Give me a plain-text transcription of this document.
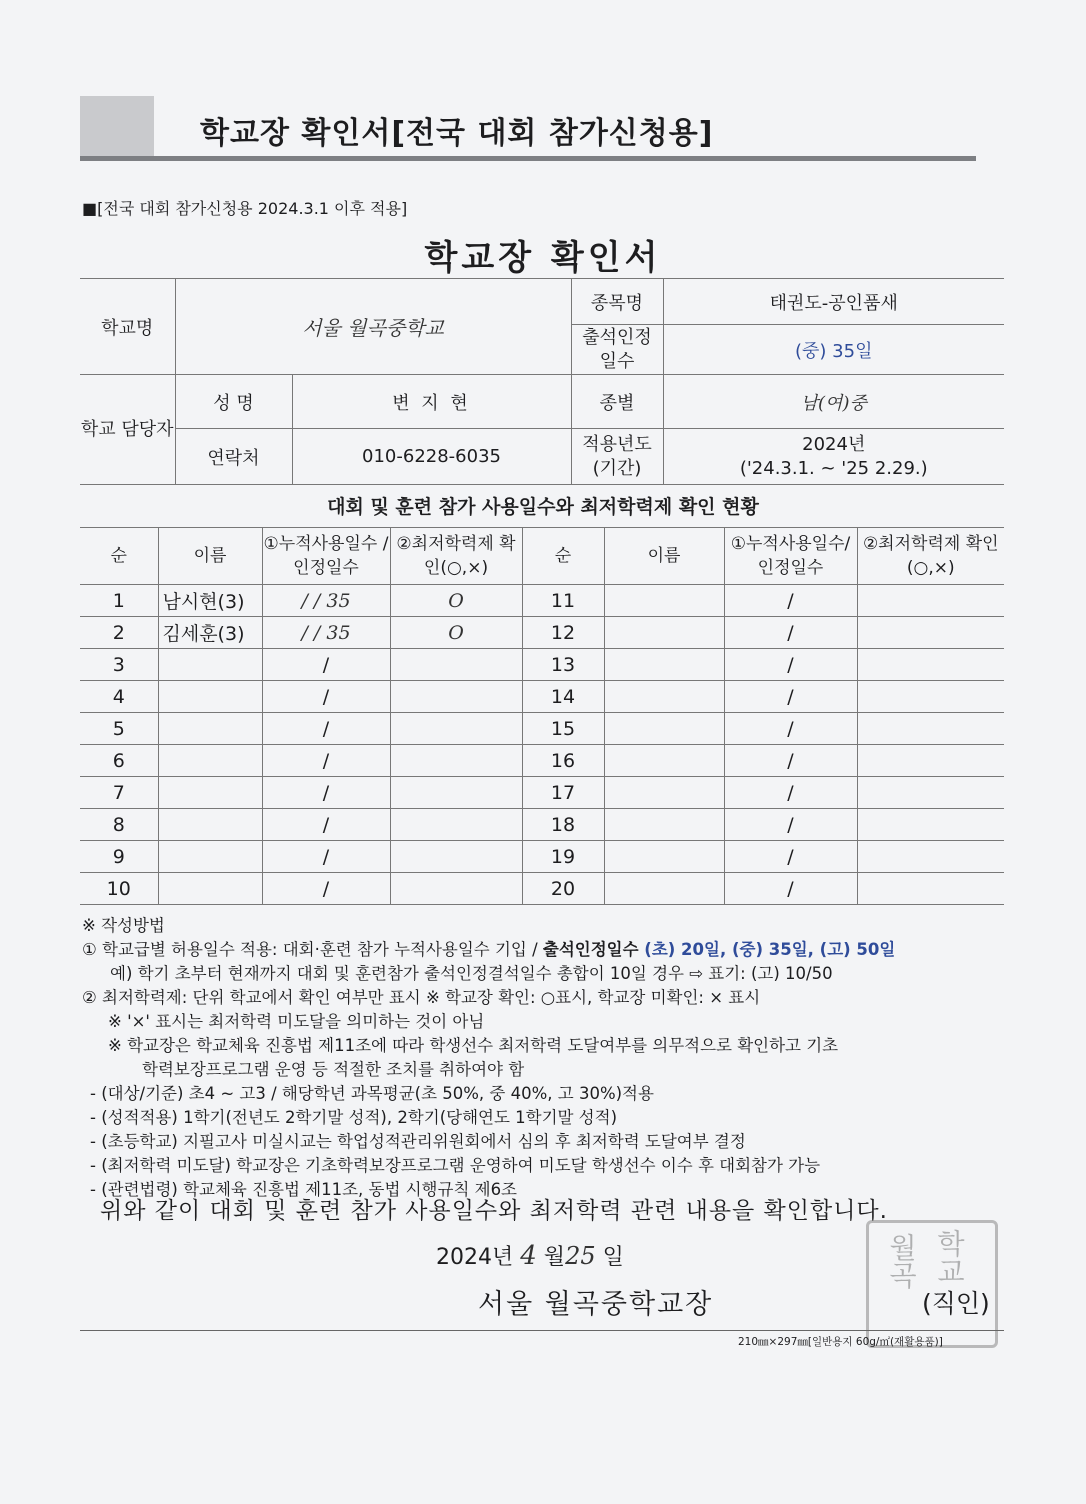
학교장 확인서[전국 대회 참가신청용]
■[전국 대회 참가신청용 2024.3.1 이후 적용]
학교장 확인서
학교명	서울 월곡중학교		종목명	태권도-공인품새
			출석인정 일수	(중) 35일
학교 담당자	성 명	변 지 현	종별	남(여)중
	연락처	010-6228-6035	적용년도 (기간)	2024년
('24.3.1. ~ '25 2.29.)
대회 및 훈련 참가 사용일수와 최저학력제 확인 현황
순	이름	①누적사용일수 /인정일수	②최저학력제 확인(○,×)	순	이름	①누적사용일수/ 인정일수	②최저학력제 확인(○,×)
1	남시현(3)	/ / 35	O	11		/	
2	김세훈(3)	/ / 35	O	12		/	
3		/		13		/	
4		/		14		/	
5		/		15		/	
6		/		16		/	
7		/		17		/	
8		/		18		/	
9		/		19		/	
10		/		20		/	
※ 작성방법
① 학교급별 허용일수 적용: 대회·훈련 참가 누적사용일수 기입 / 출석인정일수 (초) 20일, (중) 35일, (고) 50일
예) 학기 초부터 현재까지 대회 및 훈련참가 출석인정결석일수 총합이 10일 경우 ⇨ 표기: (고) 10/50
② 최저학력제: 단위 학교에서 확인 여부만 표시 ※ 학교장 확인: ○표시, 학교장 미확인: × 표시
※ '×' 표시는 최저학력 미도달을 의미하는 것이 아님
※ 학교장은 학교체육 진흥법 제11조에 따라 학생선수 최저학력 도달여부를 의무적으로 확인하고 기초
학력보장프로그램 운영 등 적절한 조치를 취하여야 함
- (대상/기준) 초4 ~ 고3 / 해당학년 과목평균(초 50%, 중 40%, 고 30%)적용
- (성적적용) 1학기(전년도 2학기말 성적), 2학기(당해연도 1학기말 성적)
- (초등학교) 지필고사 미실시교는 학업성적관리위원회에서 심의 후 최저학력 도달여부 결정
- (최저학력 미도달) 학교장은 기초학력보장프로그램 운영하여 미도달 학생선수 이수 후 대회참가 가능
- (관련법령) 학교체육 진흥법 제11조, 동법 시행규칙 제6조
위와 같이 대회 및 훈련 참가 사용일수와 최저학력 관련 내용을 확인합니다.
2024년 4 월25 일
서울 월곡중학교장
월곡 학교
(직인)
210㎜×297㎜[일반용지 60g/㎡(재활용품)]
